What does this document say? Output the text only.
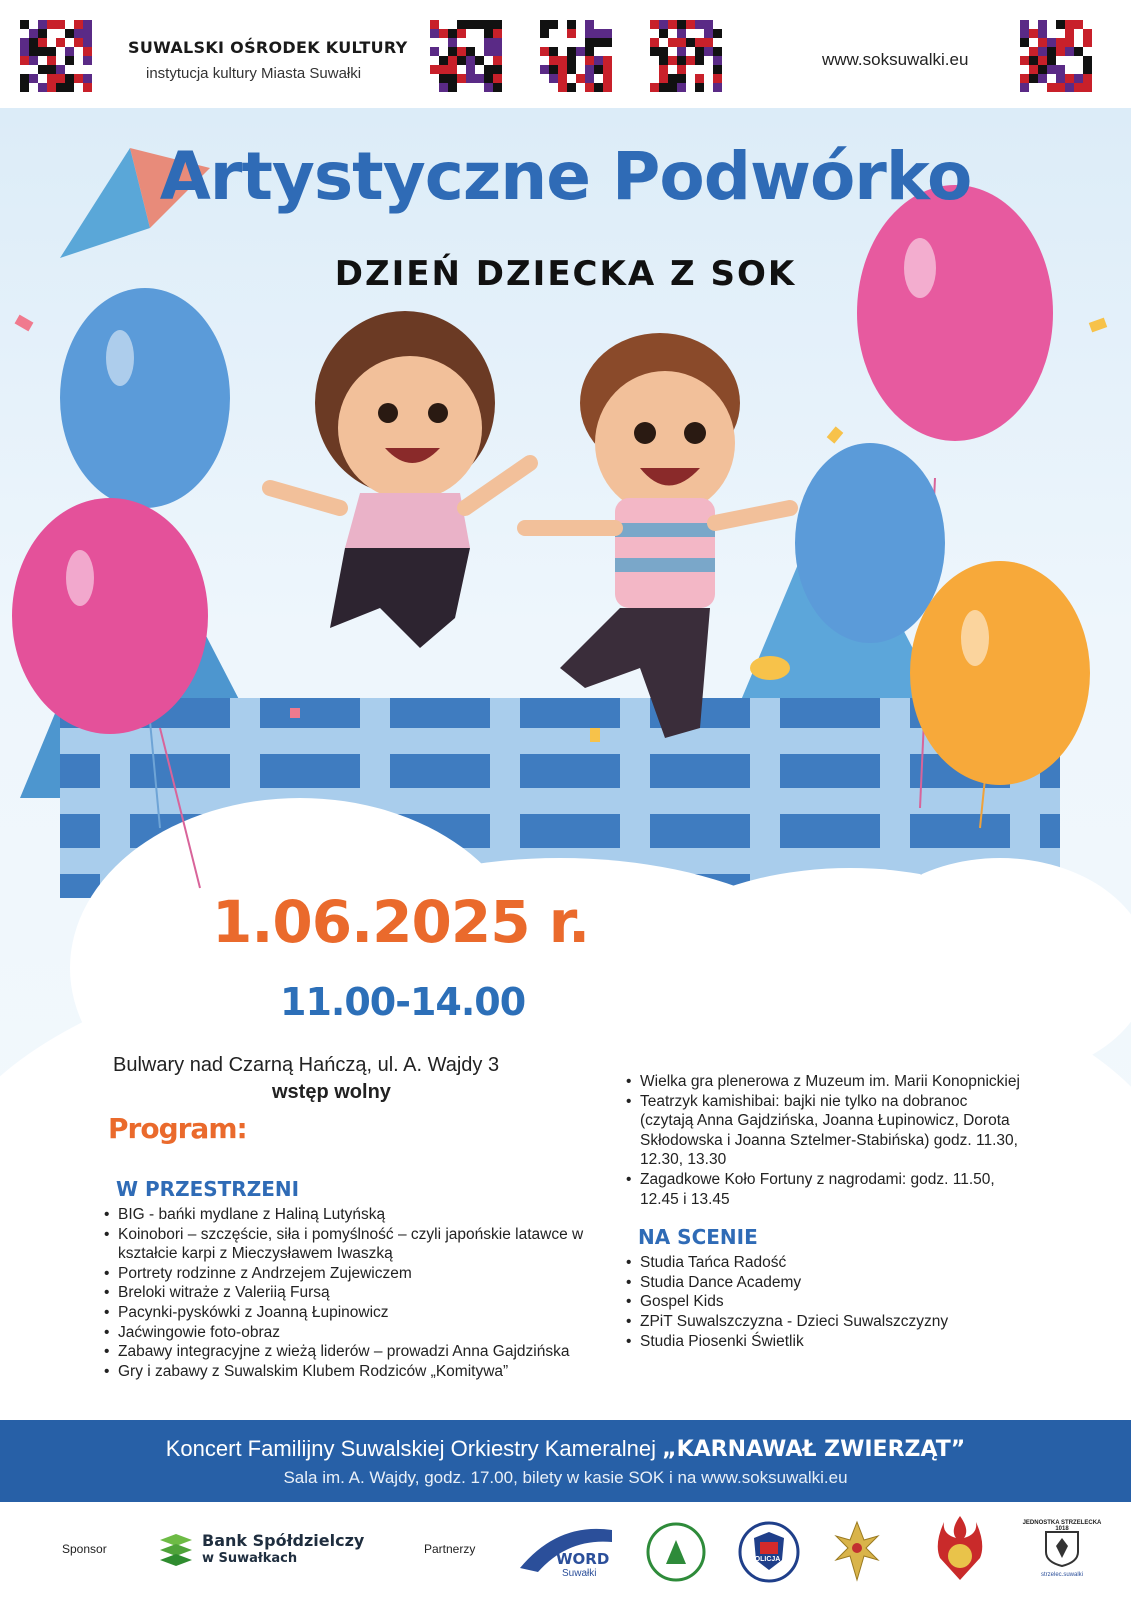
SUWALSKI OŚRODEK KULTURY
instytucja kultury Miasta Suwałki
www.soksuwalki.eu
Artystyczne Podwórko
DZIEŃ DZIECKA Z SOK
1.06.2025 r.
11.00-14.00
Bulwary nad Czarną Hańczą, ul. A. Wajdy 3
wstęp wolny
Program:
W PRZESTRZENI
• BIG - bańki mydlane z Haliną Lutyńską
• Koinobori – szczęście, siła i pomyślność – czyli japońskie latawce w kształcie karpi z Mieczysławem Iwaszką
• Portrety rodzinne z Andrzejem Zujewiczem
• Breloki witraże z Valeriią Fursą
• Pacynki-pyskówki z Joanną Łupinowicz
• Jaćwingowie foto-obraz
• Zabawy integracyjne z wieżą liderów – prowadzi Anna Gajdzińska
• Gry i zabawy z Suwalskim Klubem Rodziców „Komitywa”
• Wielka gra plenerowa z Muzeum im. Marii Konopnickiej
• Teatrzyk kamishibai: bajki nie tylko na dobranoc (czytają Anna Gajdzińska, Joanna Łupinowicz, Dorota Skłodowska i Joanna Sztelmer-Stabińska) godz. 11.30, 12.30, 13.30
• Zagadkowe Koło Fortuny z nagrodami: godz. 11.50, 12.45 i 13.45
NA SCENIE
• Studia Tańca Radość
• Studia Dance Academy
• Gospel Kids
• ZPiT Suwalszczyzna - Dzieci Suwalszczyzny
• Studia Piosenki Świetlik
Koncert Familijny Suwalskiej Orkiestry Kameralnej „KARNAWAŁ ZWIERZĄT”
Sala im. A. Wajdy, godz. 17.00, bilety w kasie SOK i na www.soksuwalki.eu
Sponsor	Bank Spółdzielczy
w Suwałkach
Partnerzy
WORD
Suwałki
POLICJA
JEDNOSTKA STRZELECKA 1018
strzelec.suwalki
